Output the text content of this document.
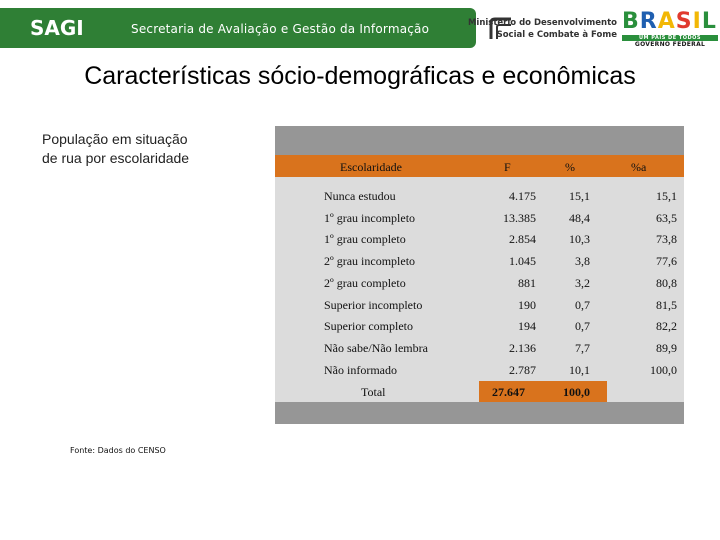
SAGI	Secretaria de Avaliação e Gestão da Informação	Ministério do Desenvolvimento
Social e Combate à Fome
BRASIL
UM PAÍS DE TODOS
GOVERNO FEDERAL
Características sócio-demográficas e econômicas
População em situação
de rua por escolaridade
Fonte: Dados do CENSO
Escolaridade	F	%	%a
Nunca estudou	4.175	15,1	15,1
1º grau incompleto	13.385	48,4	63,5
1º grau completo	2.854	10,3	73,8
2º grau incompleto	1.045	3,8	77,6
2º grau completo	881	3,2	80,8
Superior incompleto	190	0,7	81,5
Superior completo	194	0,7	82,2
Não sabe/Não lembra	2.136	7,7	89,9
Não informado	2.787	10,1	100,0
Total	27.647	100,0
